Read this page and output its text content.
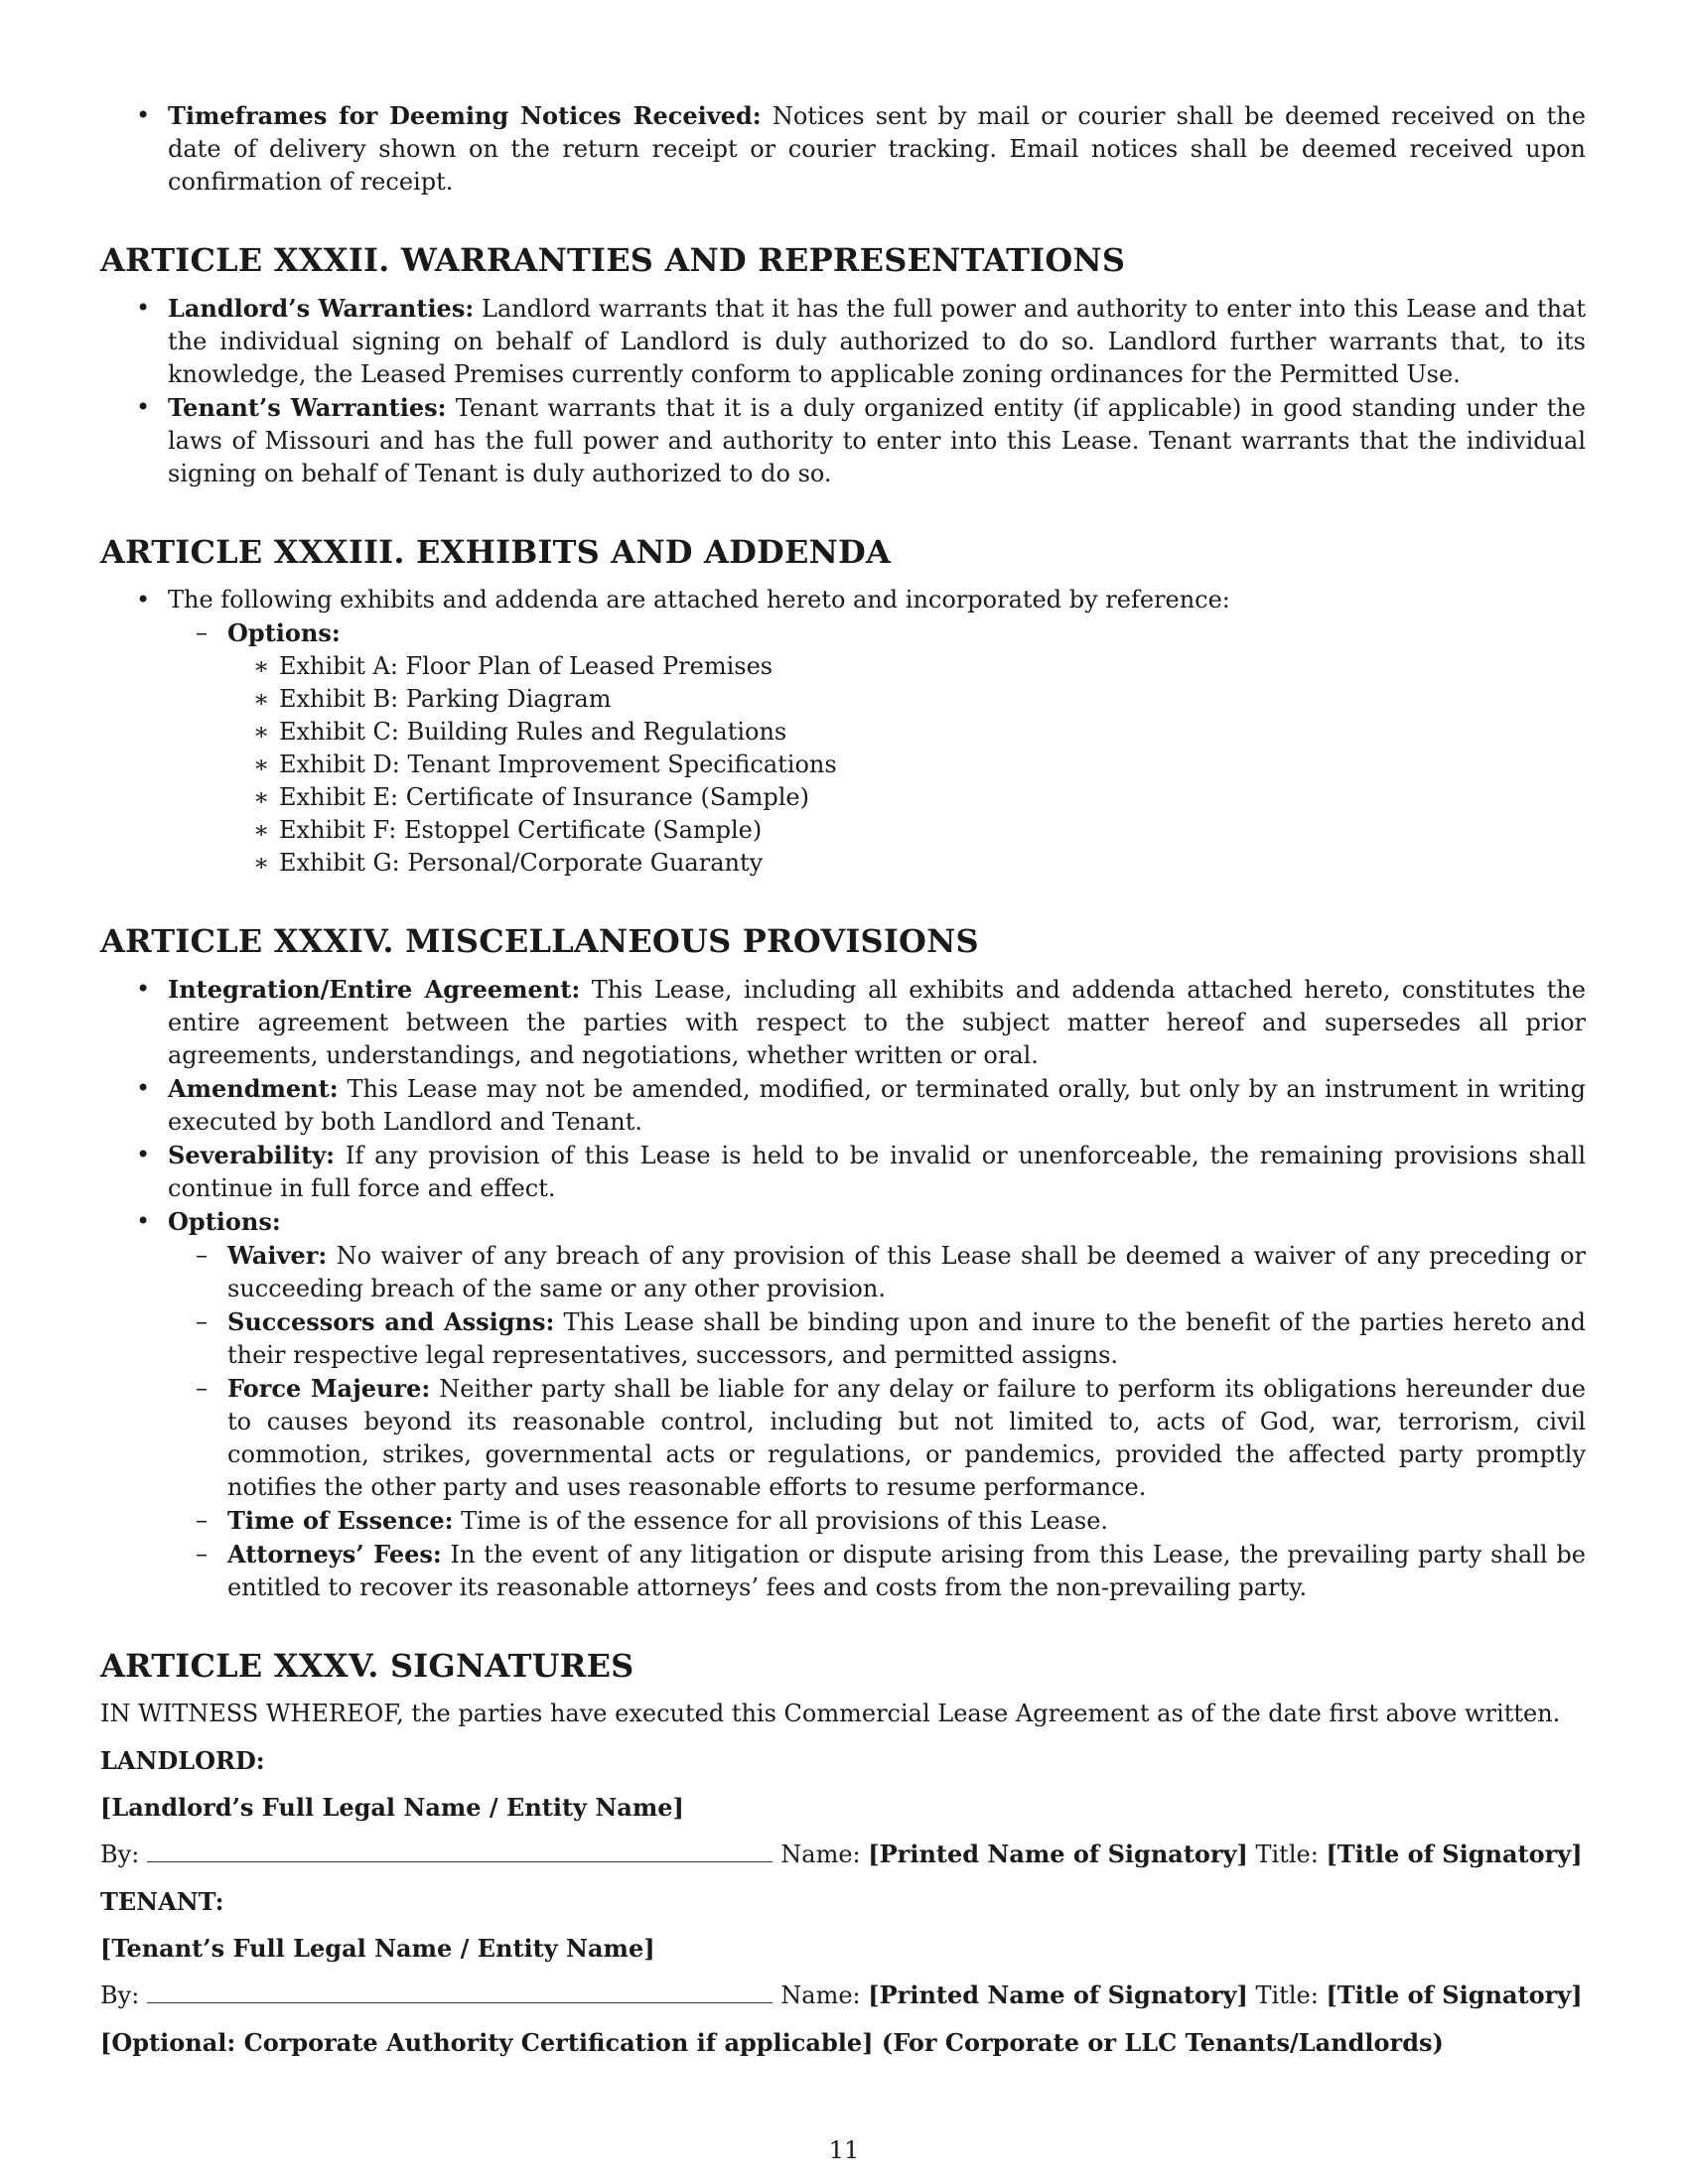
• Timeframes for Deeming Notices Received: Notices sent by mail or courier shall be deemed received on the date of delivery shown on the return receipt or courier tracking. Email notices shall be deemed received upon confirmation of receipt.
ARTICLE XXXII. WARRANTIES AND REPRESENTATIONS
• Landlord’s Warranties: Landlord warrants that it has the full power and authority to enter into this Lease and that the individual signing on behalf of Landlord is duly authorized to do so. Landlord further warrants that, to its knowledge, the Leased Premises currently conform to applicable zoning ordinances for the Permitted Use.
• Tenant’s Warranties: Tenant warrants that it is a duly organized entity (if applicable) in good standing under the laws of Missouri and has the full power and authority to enter into this Lease. Tenant warrants that the individual signing on behalf of Tenant is duly authorized to do so.
ARTICLE XXXIII. EXHIBITS AND ADDENDA
• The following exhibits and addenda are attached hereto and incorporated by reference:
– Options:
∗ Exhibit A: Floor Plan of Leased Premises
∗ Exhibit B: Parking Diagram
∗ Exhibit C: Building Rules and Regulations
∗ Exhibit D: Tenant Improvement Specifications
∗ Exhibit E: Certificate of Insurance (Sample)
∗ Exhibit F: Estoppel Certificate (Sample)
∗ Exhibit G: Personal/Corporate Guaranty
ARTICLE XXXIV. MISCELLANEOUS PROVISIONS
• Integration/Entire Agreement: This Lease, including all exhibits and addenda attached hereto, constitutes the entire agreement between the parties with respect to the subject matter hereof and supersedes all prior agreements, understandings, and negotiations, whether written or oral.
• Amendment: This Lease may not be amended, modified, or terminated orally, but only by an instrument in writing executed by both Landlord and Tenant.
• Severability: If any provision of this Lease is held to be invalid or unenforceable, the remaining provisions shall continue in full force and effect.
• Options:
– Waiver: No waiver of any breach of any provision of this Lease shall be deemed a waiver of any preceding or succeeding breach of the same or any other provision.
– Successors and Assigns: This Lease shall be binding upon and inure to the benefit of the parties hereto and their respective legal representatives, successors, and permitted assigns.
– Force Majeure: Neither party shall be liable for any delay or failure to perform its obligations hereunder due to causes beyond its reasonable control, including but not limited to, acts of God, war, terrorism, civil commotion, strikes, governmental acts or regulations, or pandemics, provided the affected party promptly notifies the other party and uses reasonable efforts to resume performance.
– Time of Essence: Time is of the essence for all provisions of this Lease.
– Attorneys’ Fees: In the event of any litigation or dispute arising from this Lease, the prevailing party shall be entitled to recover its reasonable attorneys’ fees and costs from the non-prevailing party.
ARTICLE XXXV. SIGNATURES

IN WITNESS WHEREOF, the parties have executed this Commercial Lease Agreement as of the date first above written.

LANDLORD:
[Landlord’s Full Legal Name / Entity Name]
By:	Name:
[Printed Name of Signatory]
Title:
[Title of Signatory]
TENANT:
[Tenant’s Full Legal Name / Entity Name]
By:	Name:
[Printed Name of Signatory]
Title:
[Title of Signatory]
[Optional: Corporate Authority Certification if applicable] (For Corporate or LLC Tenants/Landlords)
11
